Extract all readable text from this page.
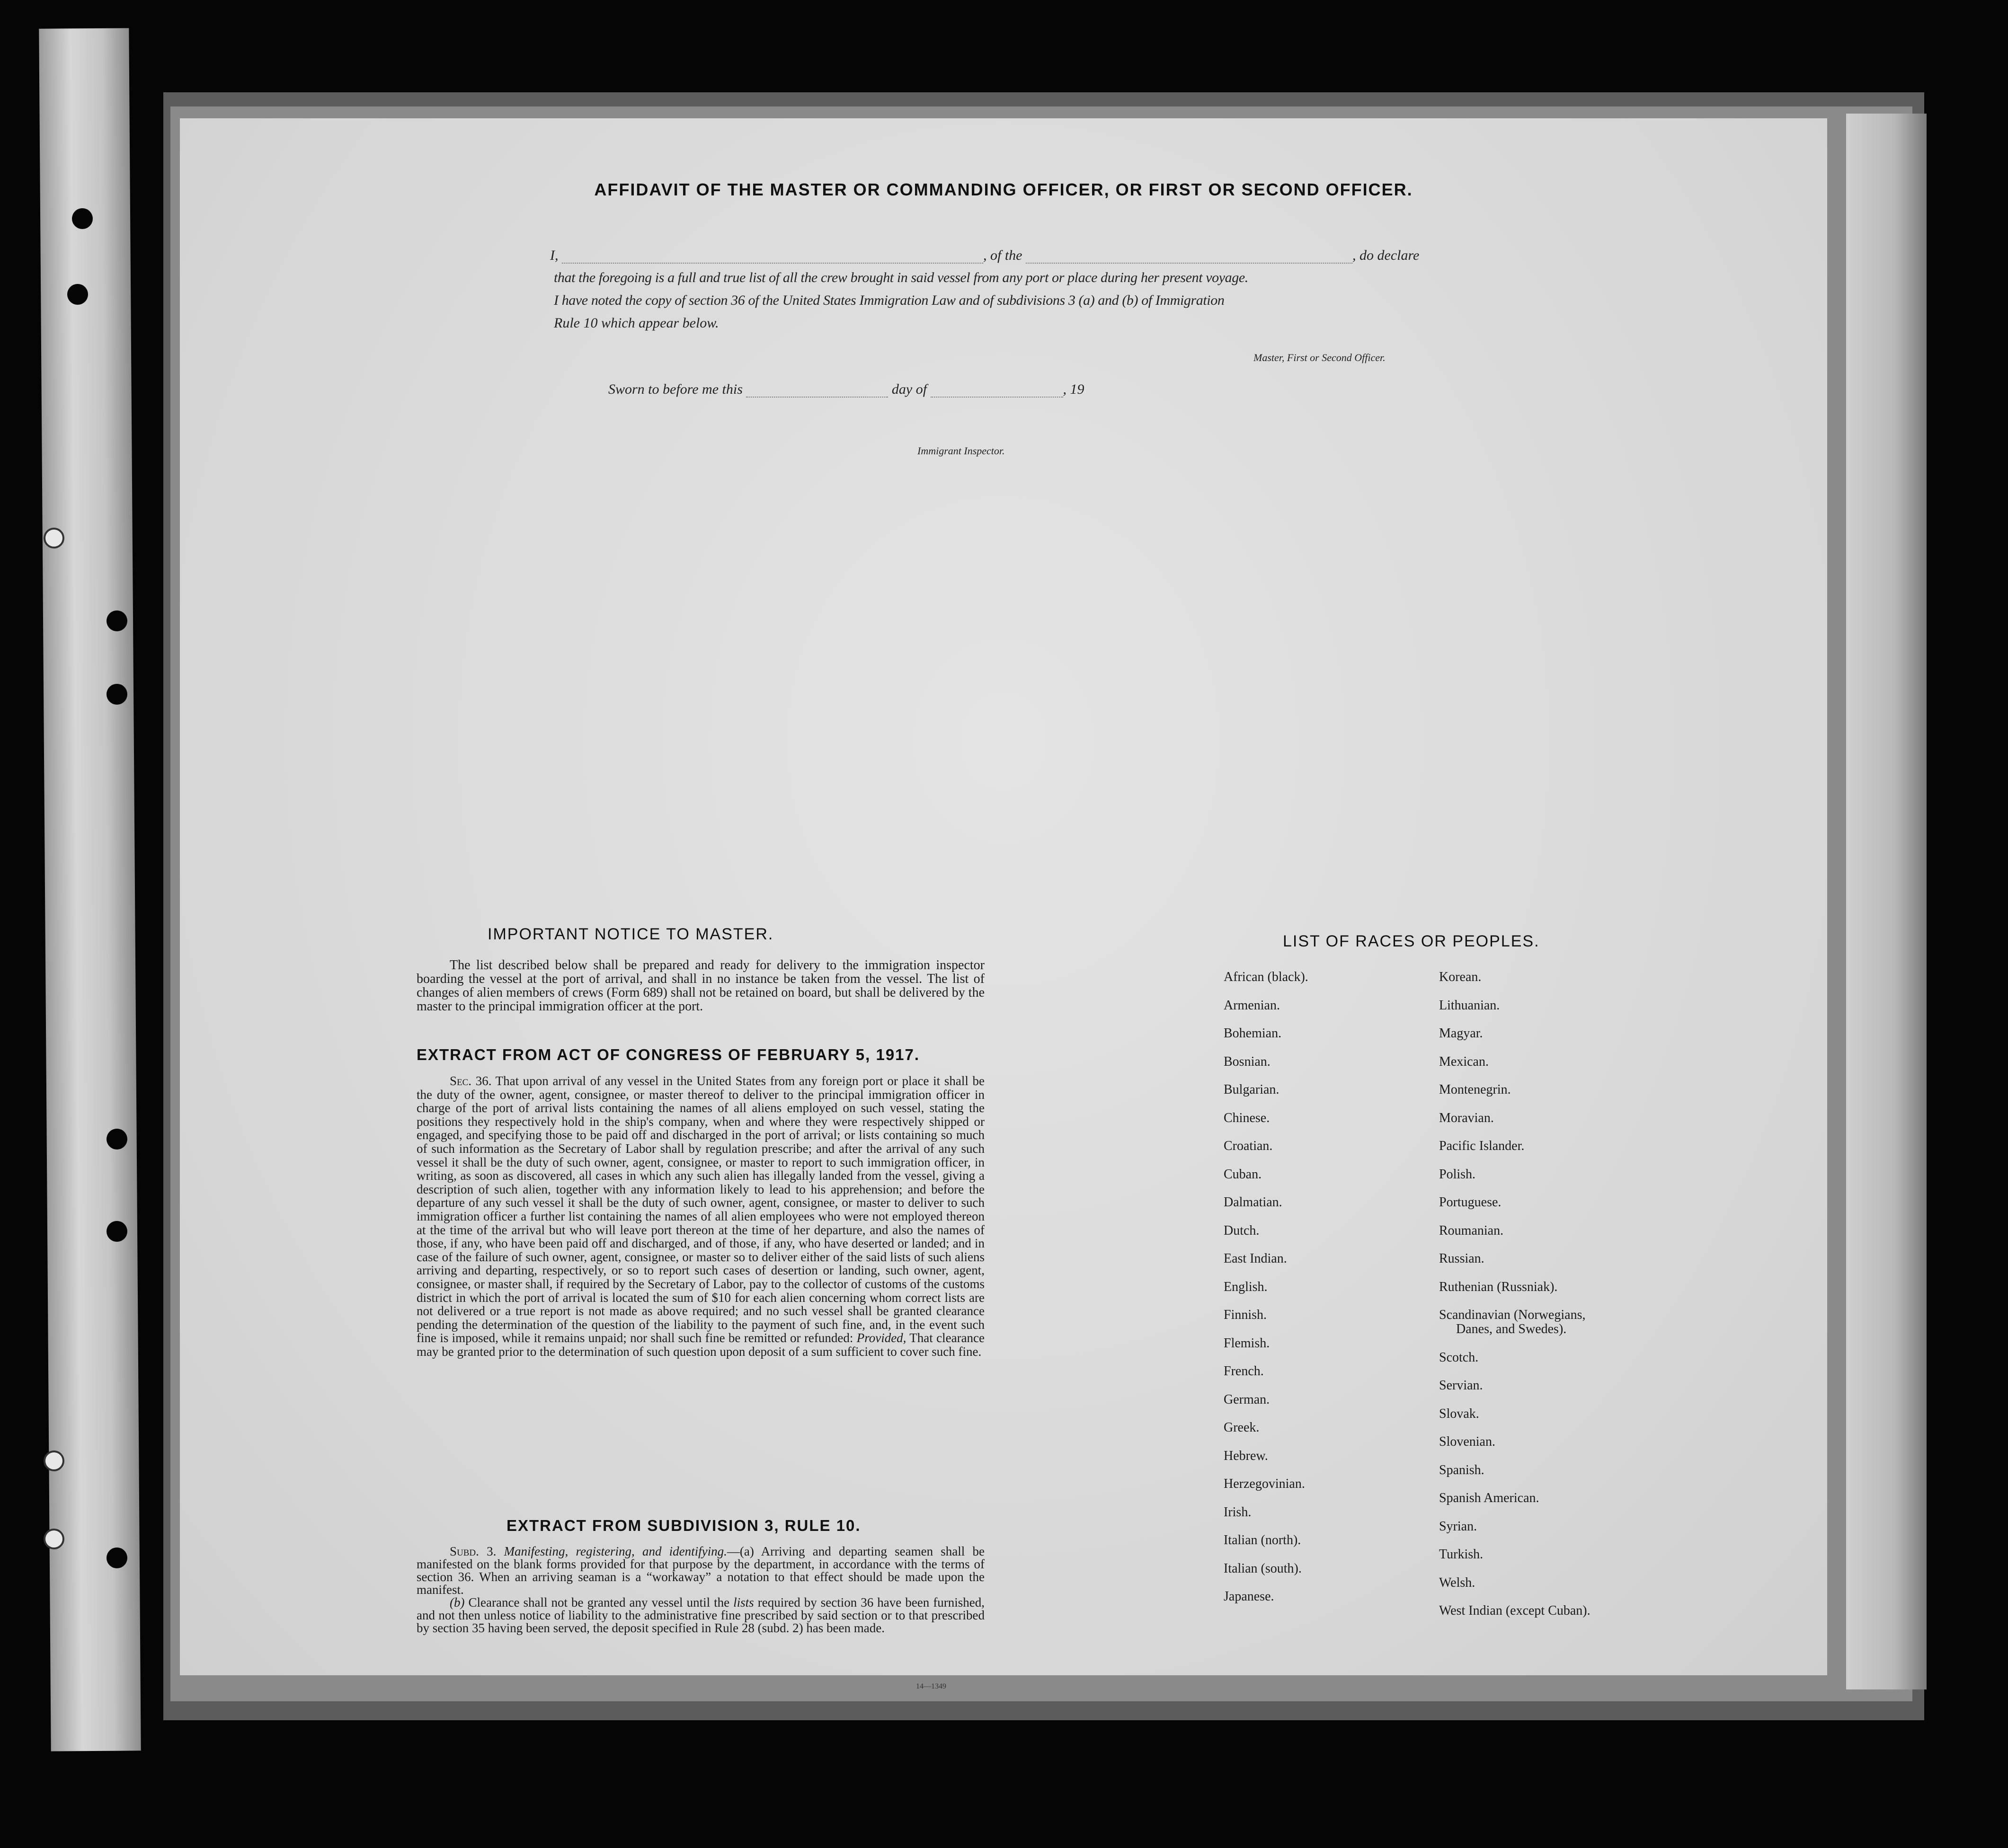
AFFIDAVIT OF THE MASTER OR COMMANDING OFFICER, OR FIRST OR SECOND OFFICER.
I,	, of the	, do declare
that the foregoing is a full and true list of all the crew brought in said vessel from any port or place during her present voyage.
I have noted the copy of section 36 of the United States Immigration Law and of subdivisions 3 (a) and (b) of Immigration
Rule 10 which appear below.
Master, First or Second Officer.
Sworn to before me this	day of	, 19
Immigrant Inspector.
IMPORTANT NOTICE TO MASTER.

The list described below shall be prepared and ready for delivery to the immigration inspector boarding the vessel at the port of arrival, and shall in no instance be taken from the vessel. The list of changes of alien members of crews (Form 689) shall not be retained on board, but shall be delivered by the master to the principal immigration officer at the port.

EXTRACT FROM ACT OF CONGRESS OF FEBRUARY 5, 1917.

Sec. 36. That upon arrival of any vessel in the United States from any foreign port or place it shall be the duty of the owner, agent, consignee, or master thereof to deliver to the principal immigration officer in charge of the port of arrival lists containing the names of all aliens employed on such vessel, stating the positions they respectively hold in the ship's company, when and where they were respectively shipped or engaged, and specifying those to be paid off and discharged in the port of arrival; or lists containing so much of such information as the Secretary of Labor shall by regulation prescribe; and after the arrival of any such vessel it shall be the duty of such owner, agent, consignee, or master to report to such immigration officer, in writing, as soon as discovered, all cases in which any such alien has illegally landed from the vessel, giving a description of such alien, together with any information likely to lead to his apprehension; and before the departure of any such vessel it shall be the duty of such owner, agent, consignee, or master to deliver to such immigration officer a further list containing the names of all alien employees who were not employed thereon at the time of the arrival but who will leave port thereon at the time of her departure, and also the names of those, if any, who have been paid off and discharged, and of those, if any, who have deserted or landed; and in case of the failure of such owner, agent, consignee, or master so to deliver either of the said lists of such aliens arriving and departing, respectively, or so to report such cases of desertion or landing, such owner, agent, consignee, or master shall, if required by the Secretary of Labor, pay to the collector of customs of the customs district in which the port of arrival is located the sum of $10 for each alien concerning whom correct lists are not delivered or a true report is not made as above required; and no such vessel shall be granted clearance pending the determination of the question of the liability to the payment of such fine, and, in the event such fine is imposed, while it remains unpaid; nor shall such fine be remitted or refunded: Provided, That clearance may be granted prior to the determination of such question upon deposit of a sum sufficient to cover such fine.

EXTRACT FROM SUBDIVISION 3, RULE 10.

Subd. 3. Manifesting, registering, and identifying.—(a) Arriving and departing seamen shall be manifested on the blank forms provided for that purpose by the department, in accordance with the terms of section 36. When an arriving seaman is a “workaway” a notation to that effect should be made upon the manifest.

(b) Clearance shall not be granted any vessel until the lists required by section 36 have been furnished, and not then unless notice of liability to the administrative fine prescribed by said section or to that prescribed by section 35 having been served, the deposit specified in Rule 28 (subd. 2) has been made.

14—1349
LIST OF RACES OR PEOPLES.
African (black).
Armenian.
Bohemian.
Bosnian.
Bulgarian.
Chinese.
Croatian.
Cuban.
Dalmatian.
Dutch.
East Indian.
English.
Finnish.
Flemish.
French.
German.
Greek.
Hebrew.
Herzegovinian.
Irish.
Italian (north).
Italian (south).
Japanese.
Korean.
Lithuanian.
Magyar.
Mexican.
Montenegrin.
Moravian.
Pacific Islander.
Polish.
Portuguese.
Roumanian.
Russian.
Ruthenian (Russniak).
Scandinavian (Norwegians,
Danes, and Swedes).
Scotch.
Servian.
Slovak.
Slovenian.
Spanish.
Spanish American.
Syrian.
Turkish.
Welsh.
West Indian (except Cuban).
